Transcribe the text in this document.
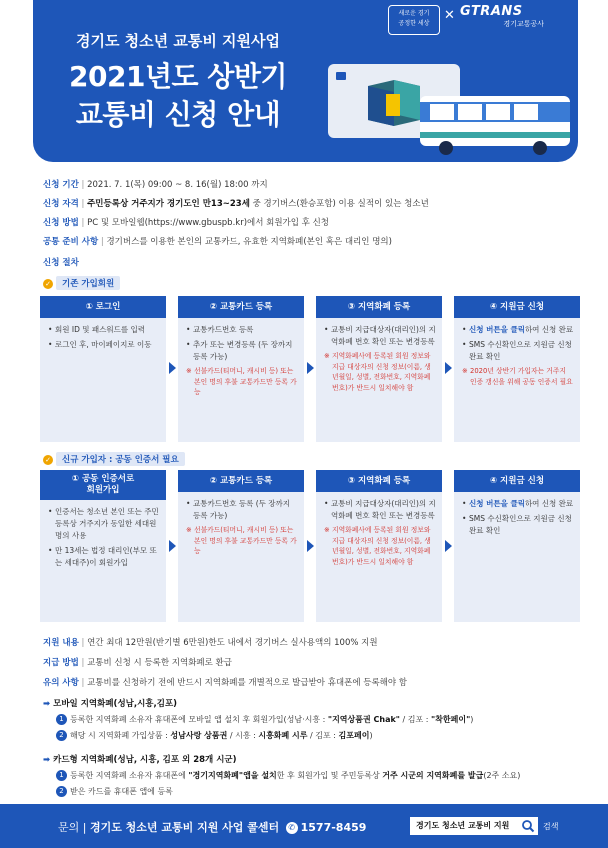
경기도 청소년 교통비 지원사업
2021년도 상반기
교통비 신청 안내
새로운 경기
공정한 세상
✕ GTRANS
경기교통공사
신청 기간 | 2021. 7. 1(목) 09:00 ~ 8. 16(월) 18:00 까지
신청 자격 | 주민등록상 거주지가 경기도인 만13~23세 중 경기버스(환승포함) 이용 실적이 있는 청소년
신청 방법 | PC 및 모바일웹(https://www.gbuspb.kr)에서 회원가입 후 신청
공통 준비 사항 | 경기버스를 이용한 본인의 교통카드, 유효한 지역화폐(본인 혹은 대리인 명의)
신청 절차
✓ 기존 가입회원
① 로그인
• 회원 ID 및 패스워드를 입력
• 로그인 후, 마이페이지로 이동
② 교통카드 등록
• 교통카드번호 등록
• 추가 또는 변경등록 (두 장까지 등록 가능)
※ 선불카드(티머니, 캐시비 등) 또는 본인 명의 후불 교통카드만 등록 가능
③ 지역화폐 등록
• 교통비 지급대상자(대리인)의 지역화폐 번호 확인 또는 변경등록
※ 지역화폐사에 등록된 회원 정보와 지급 대상자의 신청 정보(이름, 생년월일, 성별, 전화번호, 지역화폐 번호)가 반드시 일치해야 함
④ 지원금 신청
• 신청 버튼을 클릭하여 신청 완료
• SMS 수신확인으로 지원금 신청 완료 확인
※ 2020년 상반기 가입자는 거주지 인증 갱신을 위해 공동 인증서 필요
✓ 신규 가입자 : 공동 인증서 필요
① 공동 인증서로
회원가입
• 인증서는 청소년 본인 또는 주민등록상 거주지가 동일한 세대원 명의 사용
• 만 13세는 법정 대리인(부모 또는 세대주)이 회원가입
② 교통카드 등록
• 교통카드번호 등록 (두 장까지 등록 가능)
※ 선불카드(티머니, 캐시비 등) 또는 본인 명의 후불 교통카드만 등록 가능
③ 지역화폐 등록
• 교통비 지급대상자(대리인)의 지역화폐 번호 확인 또는 변경등록
※ 지역화폐사에 등록된 회원 정보와 지급 대상자의 신청 정보(이름, 생년월일, 성별, 전화번호, 지역화폐 번호)가 반드시 일치해야 함
④ 지원금 신청
• 신청 버튼을 클릭하여 신청 완료
• SMS 수신확인으로 지원금 신청 완료 확인
지원 내용 | 연간 최대 12만원(반기별 6만원)한도 내에서 경기버스 실사용액의 100% 지원
지급 방법 | 교통비 신청 시 등록한 지역화폐로 환급
유의 사항 | 교통비를 신청하기 전에 반드시 지역화폐를 개별적으로 발급받아 휴대폰에 등록해야 함
➡ 모바일 지역화폐(성남,시흥,김포)
1 등록한 지역화폐 소유자 휴대폰에 모바일 앱 설치 후 회원가입(성남·시흥 : "지역상품권 Chak" / 김포 : "착한페이")
2 해당 시 지역화폐 가입상품 : 성남사랑 상품권 / 시흥 : 시흥화폐 시루 / 김포 : 김포페이)
➡ 카드형 지역화폐(성남, 시흥, 김포 외 28개 시군)
1 등록한 지역화폐 소유자 휴대폰에 "경기지역화폐"앱을 설치한 후 회원가입 및 주민등록상 거주 시군의 지역화폐를 발급(2주 소요)
2 받은 카드를 휴대폰 앱에 등록
문의 | 경기도 청소년 교통비 지원 사업 콜센터 ✆ 1577-8459	경기도 청소년 교통비 지원	검색
